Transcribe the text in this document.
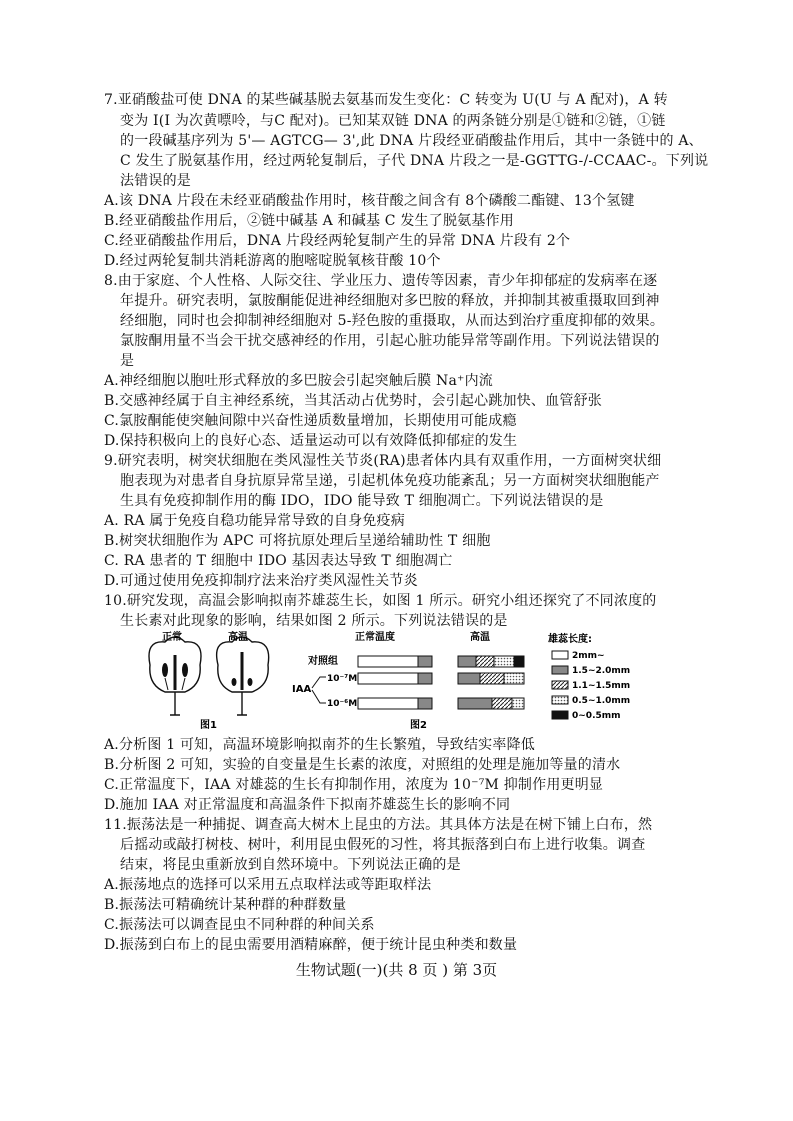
7.亚硝酸盐可使 DNA 的某些碱基脱去氨基而发生变化：C 转变为 U(U 与 A 配对)，A 转
变为 I(I 为次黄嘌呤，与C 配对)。已知某双链 DNA 的两条链分别是①链和②链，①链
的一段碱基序列为 5'— AGTCG— 3',此 DNA 片段经亚硝酸盐作用后，其中一条链中的 A、
C 发生了脱氨基作用，经过两轮复制后，子代 DNA 片段之一是-GGTTG-/-CCAAC-。下列说
法错误的是
A.该 DNA 片段在未经亚硝酸盐作用时，核苷酸之间含有 8个磷酸二酯键、13个氢键
B.经亚硝酸盐作用后，②链中碱基 A 和碱基 C 发生了脱氨基作用
C.经亚硝酸盐作用后，DNA 片段经两轮复制产生的异常 DNA 片段有 2个
D.经过两轮复制共消耗游离的胞嘧啶脱氧核苷酸 10个
8.由于家庭、个人性格、人际交往、学业压力、遗传等因素，青少年抑郁症的发病率在逐
年提升。研究表明，氯胺酮能促进神经细胞对多巴胺的释放，并抑制其被重摄取回到神
经细胞，同时也会抑制神经细胞对 5-羟色胺的重摄取，从而达到治疗重度抑郁的效果。
氯胺酮用量不当会干扰交感神经的作用，引起心脏功能异常等副作用。下列说法错误的
是
A.神经细胞以胞吐形式释放的多巴胺会引起突触后膜 Na⁺内流
B.交感神经属于自主神经系统，当其活动占优势时，会引起心跳加快、血管舒张
C.氯胺酮能使突触间隙中兴奋性递质数量增加，长期使用可能成瘾
D.保持积极向上的良好心态、适量运动可以有效降低抑郁症的发生
9.研究表明，树突状细胞在类风湿性关节炎(RA)患者体内具有双重作用，一方面树突状细
胞表现为对患者自身抗原异常呈递，引起机体免疫功能紊乱；另一方面树突状细胞能产
生具有免疫抑制作用的酶 IDO，IDO 能导致 T 细胞凋亡。下列说法错误的是
A. RA 属于免疫自稳功能异常导致的自身免疫病
B.树突状细胞作为 APC 可将抗原处理后呈递给辅助性 T 细胞
C. RA 患者的 T 细胞中 IDO 基因表达导致 T 细胞凋亡
D.可通过使用免疫抑制疗法来治疗类风湿性关节炎
10.研究发现，高温会影响拟南芥雄蕊生长，如图 1 所示。研究小组还探究了不同浓度的
生长素对此现象的影响，结果如图 2 所示。下列说法错误的是
正常	高温
图1
正常温度	高温
对照组
IAA
10⁻⁷M
10⁻⁶M
图2
雄蕊长度:
2mm~
1.5~2.0mm
1.1~1.5mm
0.5~1.0mm
0~0.5mm
A.分析图 1 可知，高温环境影响拟南芥的生长繁殖，导致结实率降低
B.分析图 2 可知，实验的自变量是生长素的浓度，对照组的处理是施加等量的清水
C.正常温度下，IAA 对雄蕊的生长有抑制作用，浓度为 10⁻⁷M 抑制作用更明显
D.施加 IAA 对正常温度和高温条件下拟南芥雄蕊生长的影响不同
11.振荡法是一种捕捉、调查高大树木上昆虫的方法。其具体方法是在树下铺上白布，然
后摇动或敲打树枝、树叶，利用昆虫假死的习性，将其振落到白布上进行收集。调查
结束，将昆虫重新放到自然环境中。下列说法正确的是
A.振荡地点的选择可以采用五点取样法或等距取样法
B.振荡法可精确统计某种群的种群数量
C.振荡法可以调查昆虫不同种群的种间关系
D.振荡到白布上的昆虫需要用酒精麻醉，便于统计昆虫种类和数量
生物试题(一)(共 8 页 ) 第 3页
